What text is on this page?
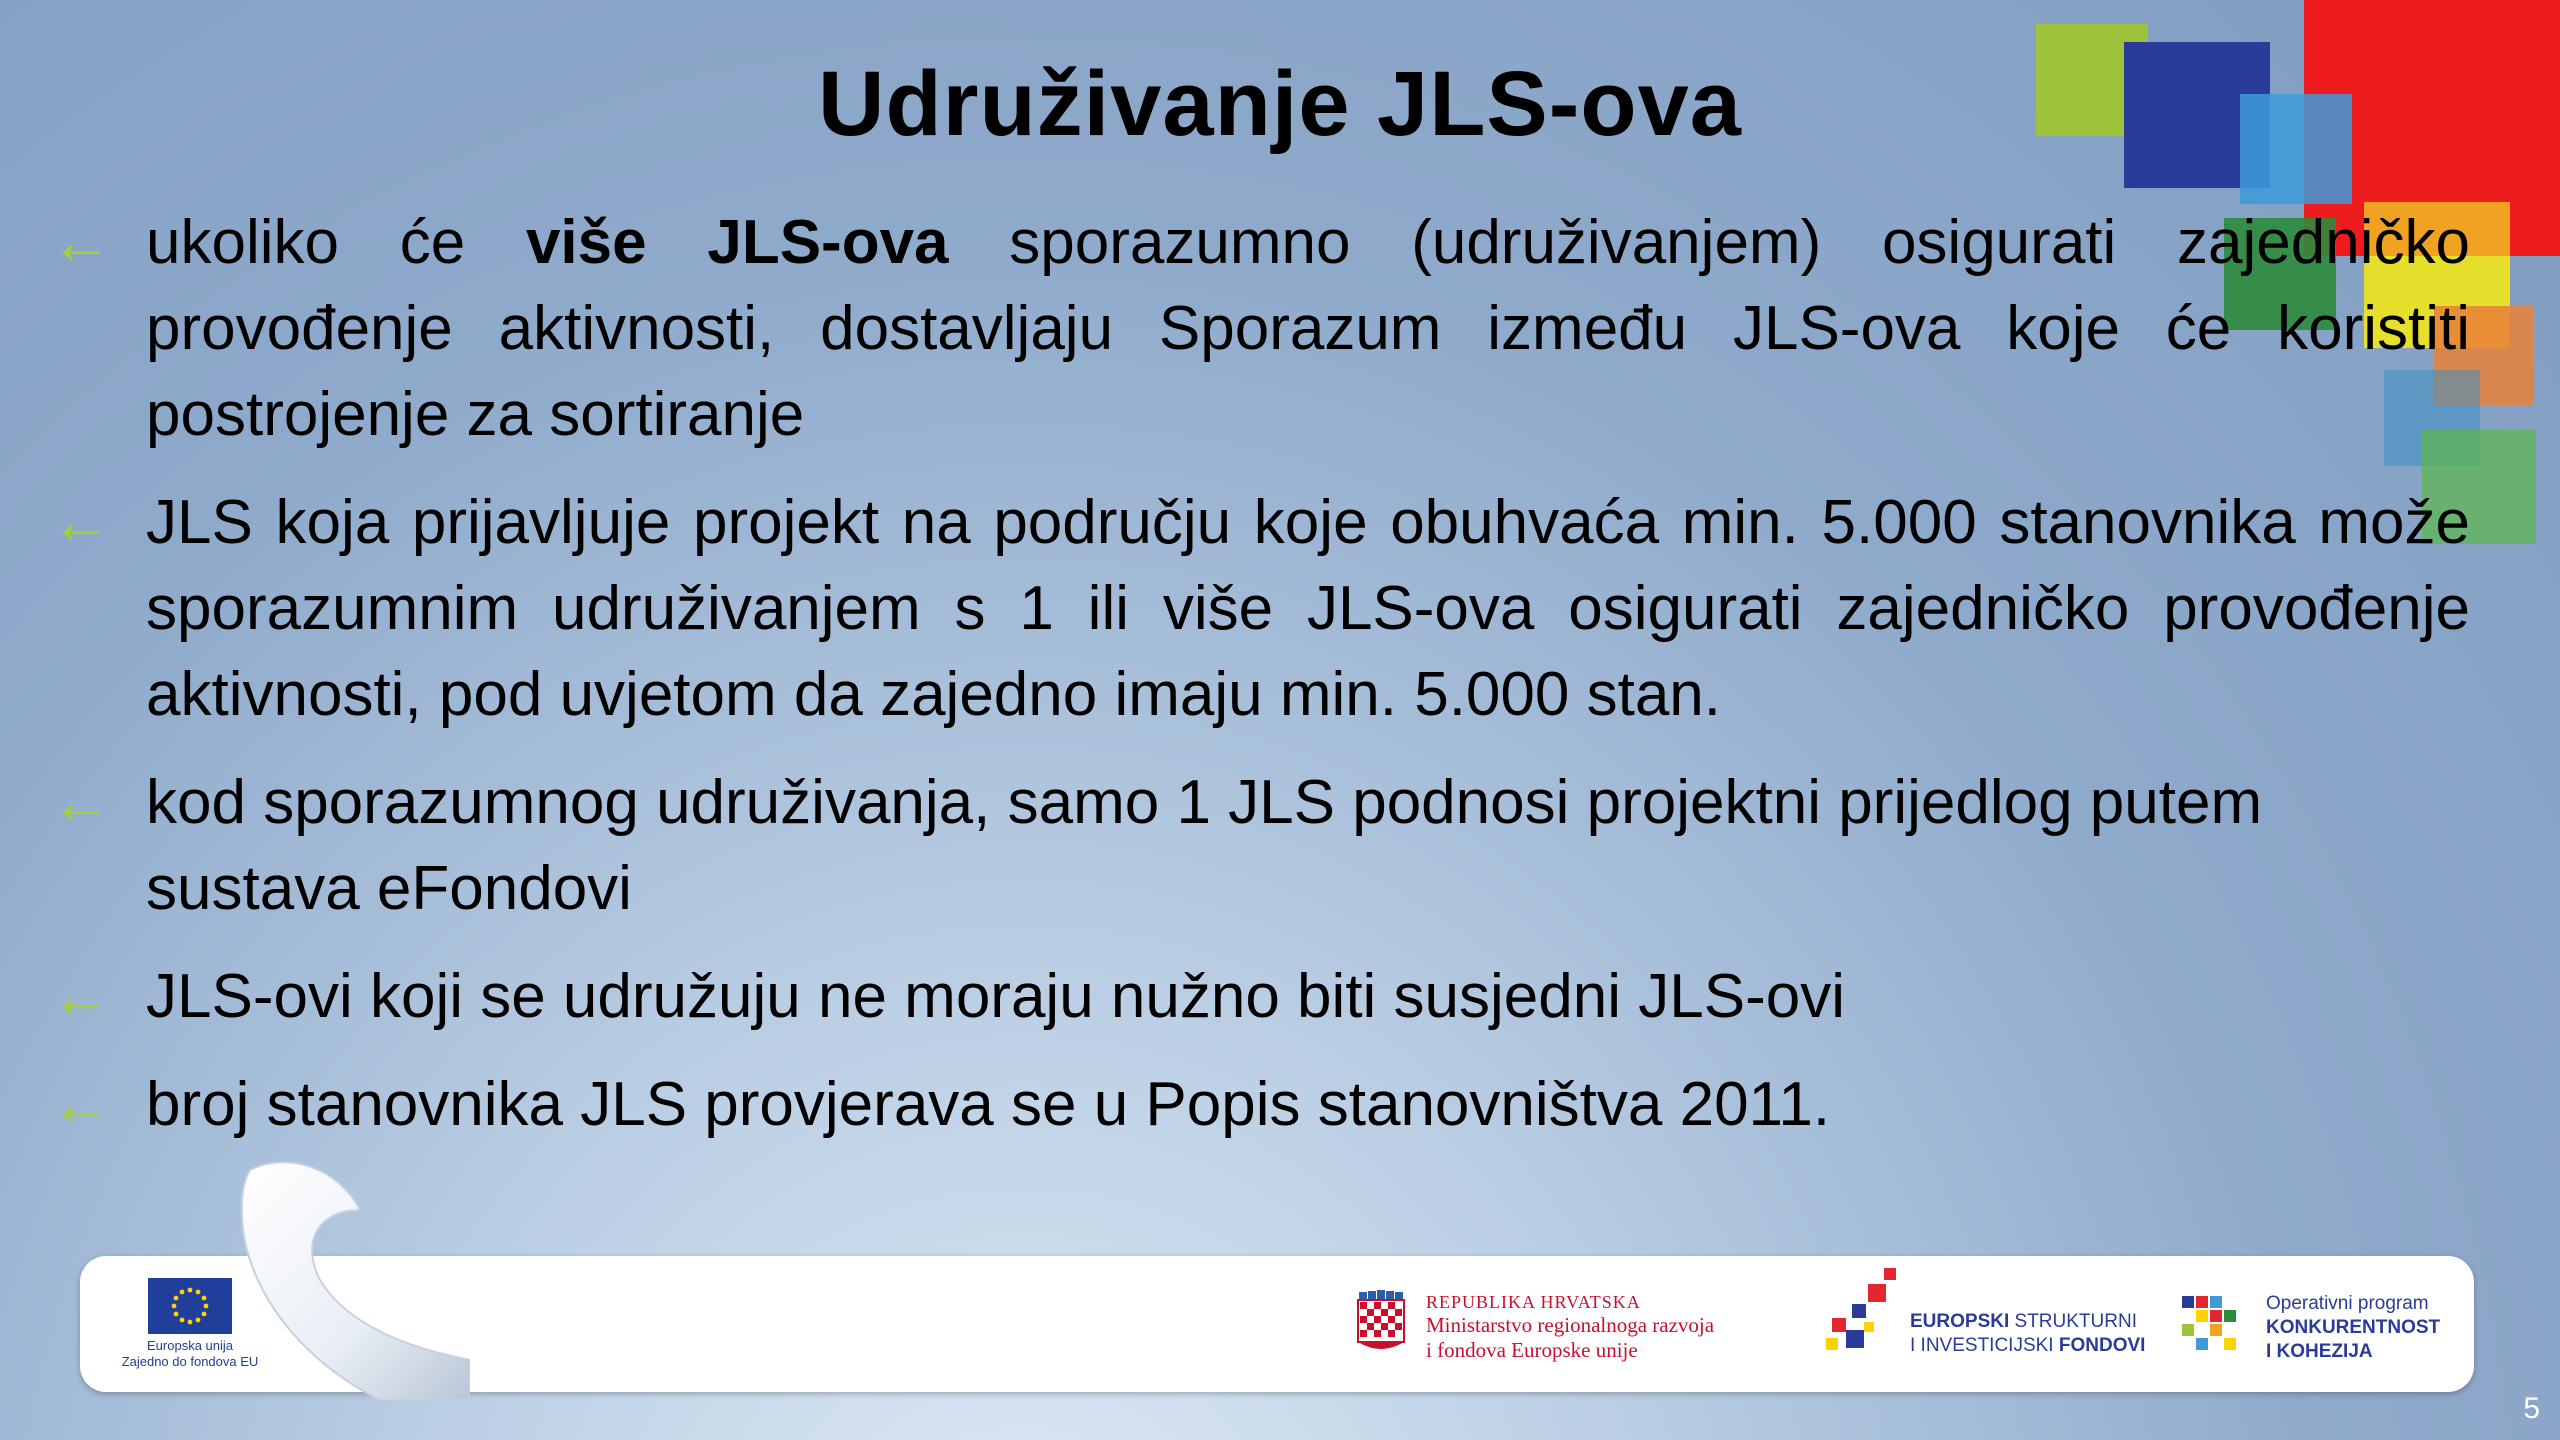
Udruživanje JLS-ova
← ukoliko će više JLS-ova sporazumno (udruživanjem) osigurati zajedničko provođenje aktivnosti, dostavljaju Sporazum između JLS-ova koje će koristiti postrojenje za sortiranje
← JLS koja prijavljuje projekt na području koje obuhvaća min. 5.000 stanovnika može sporazumnim udruživanjem s 1 ili više JLS-ova osigurati zajedničko provođenje aktivnosti, pod uvjetom da zajedno imaju min. 5.000 stan.
← kod sporazumnog udruživanja, samo 1 JLS podnosi projektni prijedlog putem sustava eFondovi
← JLS-ovi koji se udružuju ne moraju nužno biti susjedni JLS-ovi
← broj stanovnika JLS provjerava se u Popis stanovništva 2011.
Europska unija
Zajedno do fondova EU
REPUBLIKA HRVATSKA
Ministarstvo regionalnoga razvoja
i fondova Europske unije
EUROPSKI STRUKTURNI
I INVESTICIJSKI FONDOVI
Operativni program
KONKURENTNOST
I KOHEZIJA
5
